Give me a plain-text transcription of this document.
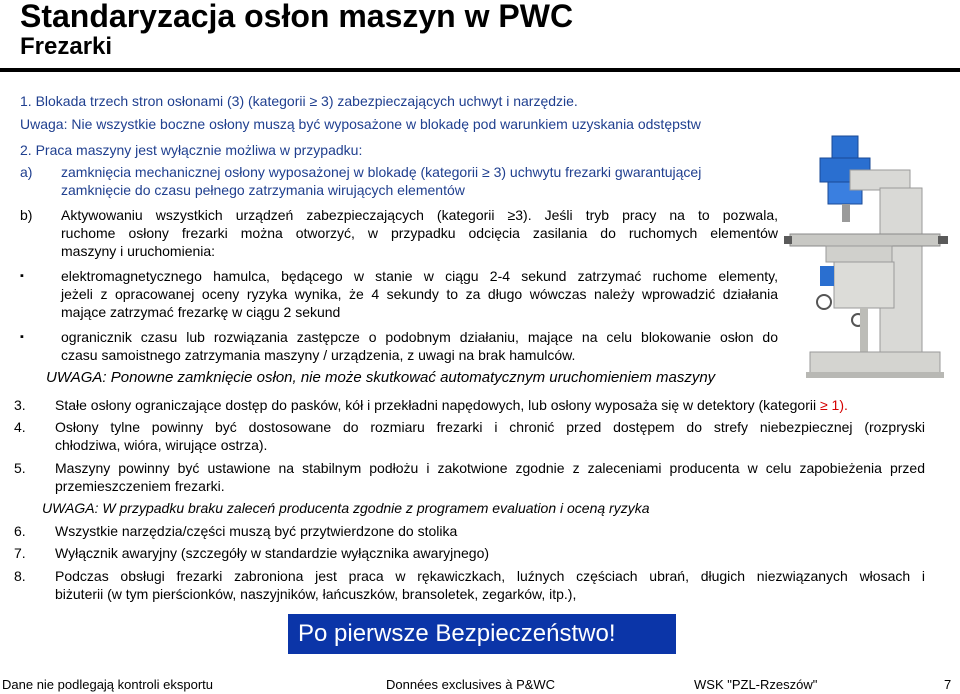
Standaryzacja osłon maszyn w PWC
Frezarki
1. Blokada trzech stron osłonami (3) (kategorii ≥ 3) zabezpieczających uchwyt i narzędzie.
Uwaga: Nie wszystkie boczne osłony muszą być wyposażone w blokadę pod warunkiem uzyskania odstępstw
2. Praca maszyny jest wyłącznie możliwa w przypadku:
a) zamknięcia mechanicznej osłony wyposażonej w blokadę (kategorii ≥ 3) uchwytu frezarki gwarantującej
zamknięcie do czasu pełnego zatrzymania wirujących elementów
b) Aktywowaniu wszystkich urządzeń zabezpieczających (kategorii ≥3). Jeśli tryb pracy na to pozwala,
ruchome osłony frezarki można otworzyć, w przypadku odcięcia zasilania do ruchomych elementów
maszyny i uruchomienia:
▪	elektromagnetycznego hamulca, będącego w stanie w ciągu 2-4 sekund zatrzymać ruchome elementy,
jeżeli z opracowanej oceny ryzyka wynika, że 4 sekundy to za długo wówczas należy wprowadzić działania
mające zatrzymać frezarkę w ciągu 2 sekund
▪	ogranicznik czasu lub rozwiązania zastępcze o podobnym działaniu, mające na celu blokowanie osłon do
czasu samoistnego zatrzymania maszyny / urządzenia, z uwagi na brak hamulców.
UWAGA: Ponowne zamknięcie osłon, nie może skutkować automatycznym uruchomieniem maszyny
3. Stałe osłony ograniczające dostęp do pasków, kół i przekładni napędowych, lub osłony wyposaża się w detektory (kategorii ≥ 1).
4. Osłony tylne powinny być dostosowane do rozmiaru frezarki i chronić przed dostępem do strefy niebezpiecznej (rozpryski
chłodziwa, wióra, wirujące ostrza).
5. Maszyny powinny być ustawione na stabilnym podłożu i zakotwione zgodnie z zaleceniami producenta w celu zapobieżenia przed
przemieszczeniem frezarki.
UWAGA: W przypadku braku zaleceń producenta zgodnie z programem evaluation i oceną ryzyka
6. Wszystkie narzędzia/części muszą być przytwierdzone do stolika
7. Wyłącznik awaryjny (szczegóły w standardzie wyłącznika awaryjnego)
8. Podczas obsługi frezarki zabroniona jest praca w rękawiczkach, luźnych częściach ubrań, długich niezwiązanych włosach i
biżuterii (w tym pierścionków, naszyjników, łańcuszków, bransoletek, zegarków, itp.),
Po pierwsze Bezpieczeństwo!
Dane nie podlegają kontroli eksportu	Données exclusives à P&WC	WSK "PZL-Rzeszów"	7
